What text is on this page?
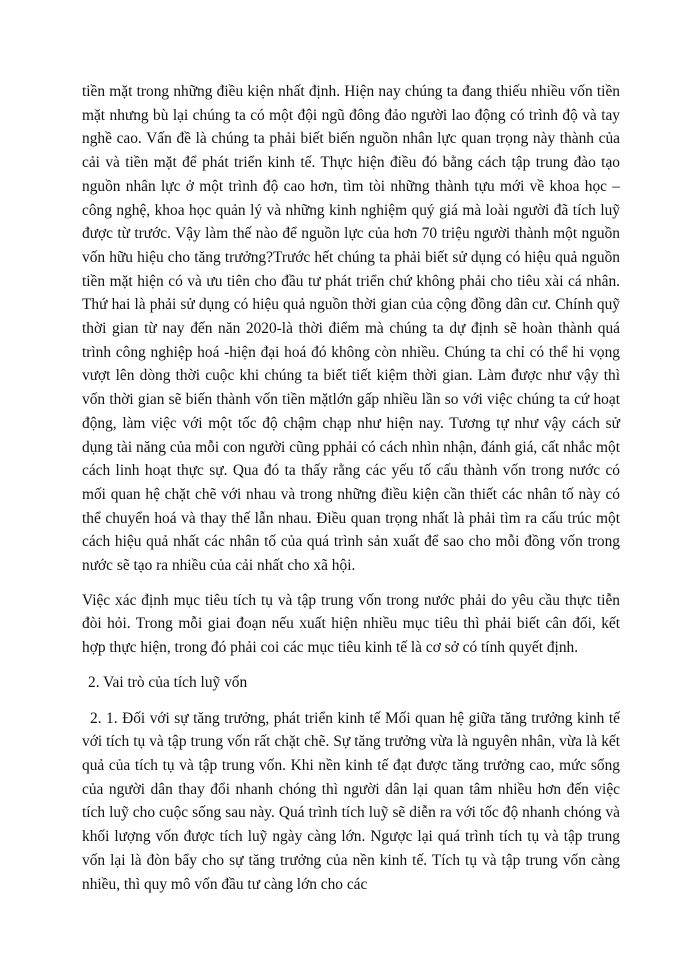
tiền mặt trong những điều kiện nhất định. Hiện nay chúng ta đang thiếu nhiều vốn tiền mặt nhưng bù lại chúng ta có một đội ngũ đông đảo người lao động có trình độ và tay nghề cao. Vấn đề là chúng ta phải biết biến nguồn nhân lực quan trọng này thành của cải và tiền mặt để phát triển kinh tế. Thực hiện điều đó bằng cách tập trung đào tạo nguồn nhân lực ở một trình độ cao hơn, tìm tòi những thành tựu mới về khoa học – công nghệ, khoa học quản lý và những kinh nghiệm quý giá mà loài người đã tích luỹ được từ trước. Vậy làm thế nào để nguồn lực của hơn 70 triệu người thành một nguồn vốn hữu hiệu cho tăng trưởng?Trước hết chúng ta phải biết sử dụng có hiệu quả nguồn tiền mặt hiện có và ưu tiên cho đầu tư phát triển chứ không phải cho tiêu xài cá nhân. Thứ hai là phải sử dụng có hiệu quả nguồn thời gian của cộng đồng dân cư. Chính quỹ thời gian từ nay đến năn 2020-là thời điểm mà chúng ta dự định sẽ hoàn thành quá trình công nghiệp hoá -hiện đại hoá đó không còn nhiều. Chúng ta chỉ có thể hi vọng vượt lên dòng thời cuộc khi chúng ta biết tiết kiệm thời gian. Làm được như vậy thì vốn thời gian sẽ biến thành vốn tiền mặtlớn gấp nhiều lần so với việc chúng ta cứ hoạt động, làm việc với một tốc độ chậm chạp như hiện nay. Tương tự như vậy cách sử dụng tài năng của mỗi con người cũng pphải có cách nhìn nhận, đánh giá, cất nhắc một cách linh hoạt thực sự. Qua đó ta thấy rằng các yếu tố cấu thành vốn trong nước có mối quan hệ chặt chẽ với nhau và trong những điều kiện cần thiết các nhân tố này có thể chuyển hoá và thay thế lẫn nhau. Điều quan trọng nhất là phải tìm ra cấu trúc một cách hiệu quả nhất các nhân tố của quá trình sản xuất để sao cho mỗi đồng vốn trong nước sẽ tạo ra nhiều của cải nhất cho xã hội.

Việc xác định mục tiêu tích tụ và tập trung vốn trong nước phải do yêu cầu thực tiễn đòi hỏi. Trong mỗi giai đoạn nếu xuất hiện nhiều mục tiêu thì phải biết cân đối, kết hợp thực hiện, trong đó phải coi các mục tiêu kinh tế là cơ sở có tính quyết định.

2. Vai trò của tích luỹ vốn

2. 1. Đối với sự tăng trưởng, phát triển kinh tế Mối quan hệ giữa tăng trưởng kinh tế với tích tụ và tập trung vốn rất chặt chẽ. Sự tăng trưởng vừa là nguyên nhân, vừa là kết quả của tích tụ và tập trung vốn. Khi nền kinh tế đạt được tăng trưởng cao, mức sống của người dân thay đổi nhanh chóng thì người dân lại quan tâm nhiều hơn đến việc tích luỹ cho cuộc sống sau này. Quá trình tích luỹ sẽ diễn ra với tốc độ nhanh chóng và khối lượng vốn được tích luỹ ngày càng lớn. Ngược lại quá trình tích tụ và tập trung vốn lại là đòn bẩy cho sự tăng trưởng của nền kinh tế. Tích tụ và tập trung vốn càng nhiều, thì quy mô vốn đầu tư càng lớn cho các
